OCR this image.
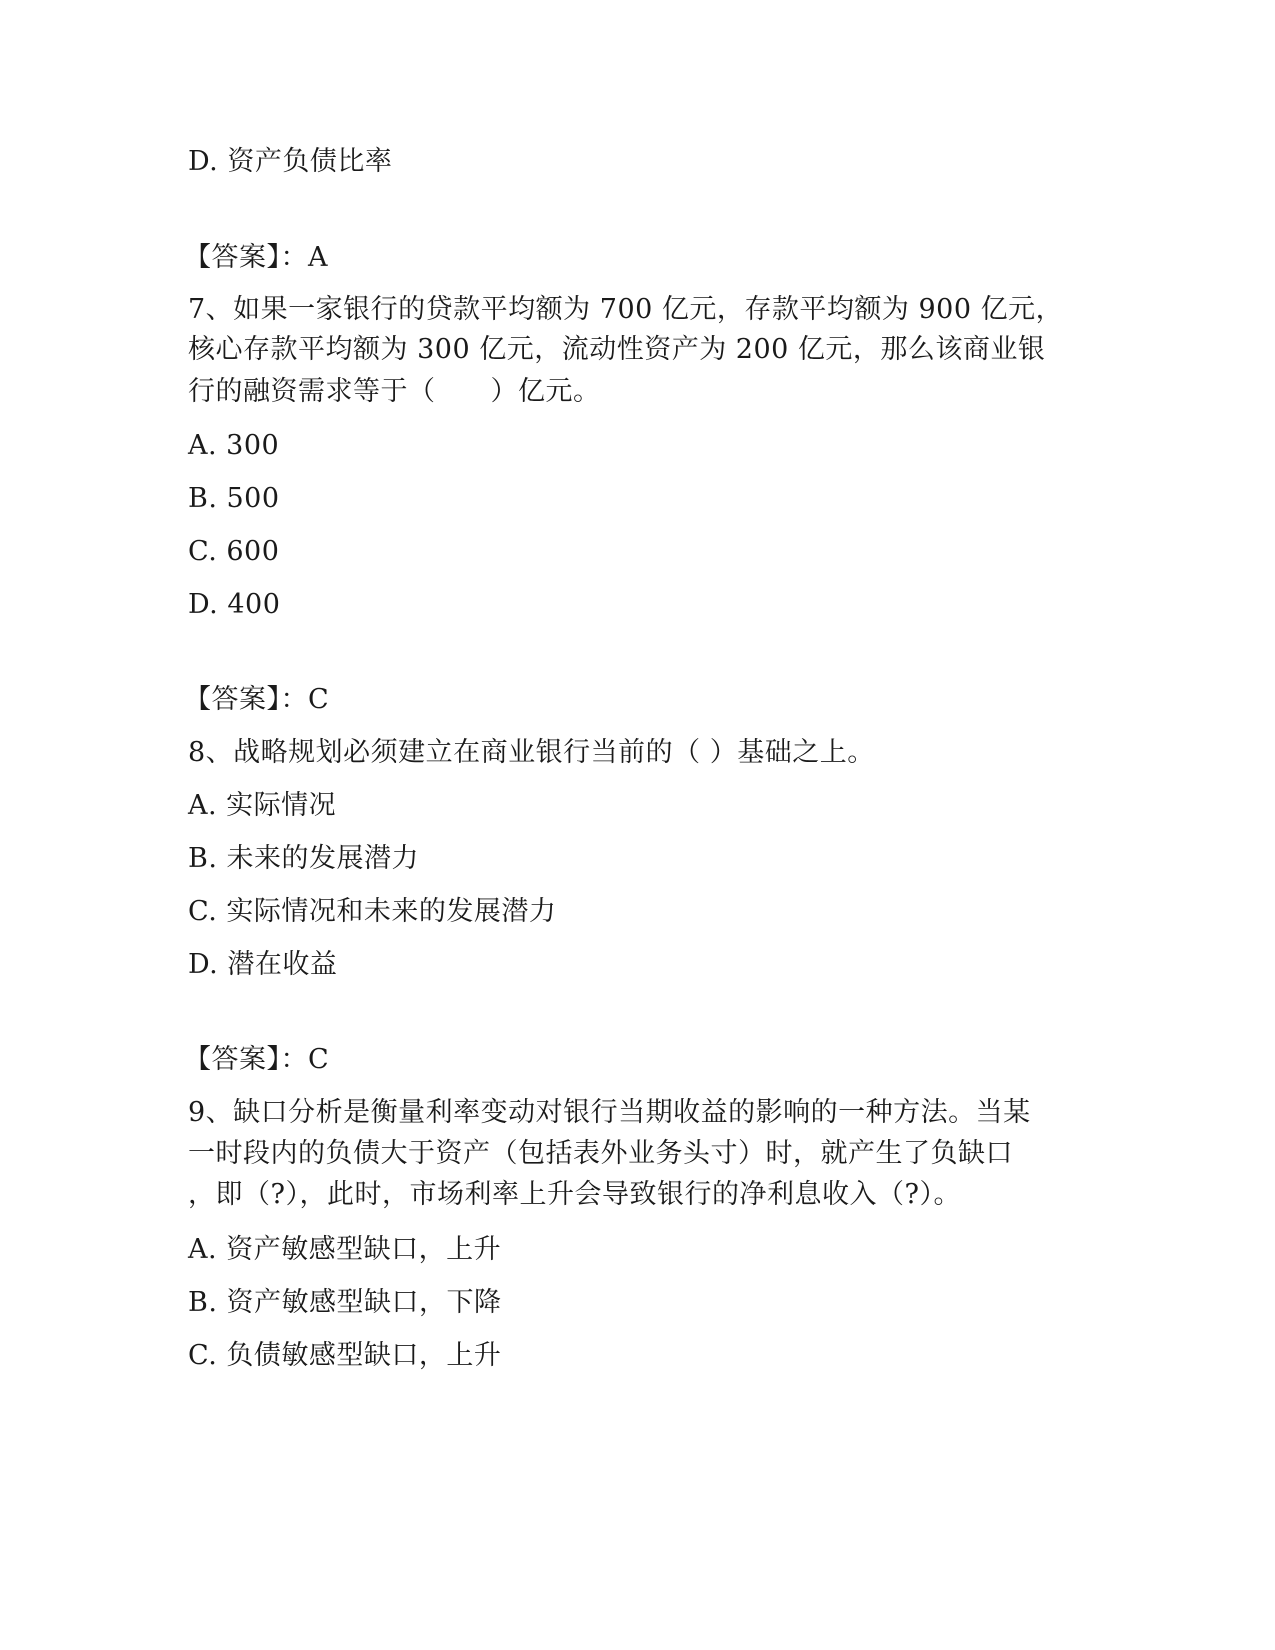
D. 资产负债比率
【答案】：A
7、如果一家银行的贷款平均额为 700 亿元，存款平均额为 900 亿元，
核心存款平均额为 300 亿元，流动性资产为 200 亿元，那么该商业银
行的融资需求等于（　　）亿元。
A. 300
B. 500
C. 600
D. 400
【答案】：C
8、战略规划必须建立在商业银行当前的（ ）基础之上。
A. 实际情况
B. 未来的发展潜力
C. 实际情况和未来的发展潜力
D. 潜在收益
【答案】：C
9、缺口分析是衡量利率变动对银行当期收益的影响的一种方法。当某
一时段内的负债大于资产（包括表外业务头寸）时，就产生了负缺口
，即（?），此时，市场利率上升会导致银行的净利息收入（?）。
A. 资产敏感型缺口，上升
B. 资产敏感型缺口，下降
C. 负债敏感型缺口，上升
